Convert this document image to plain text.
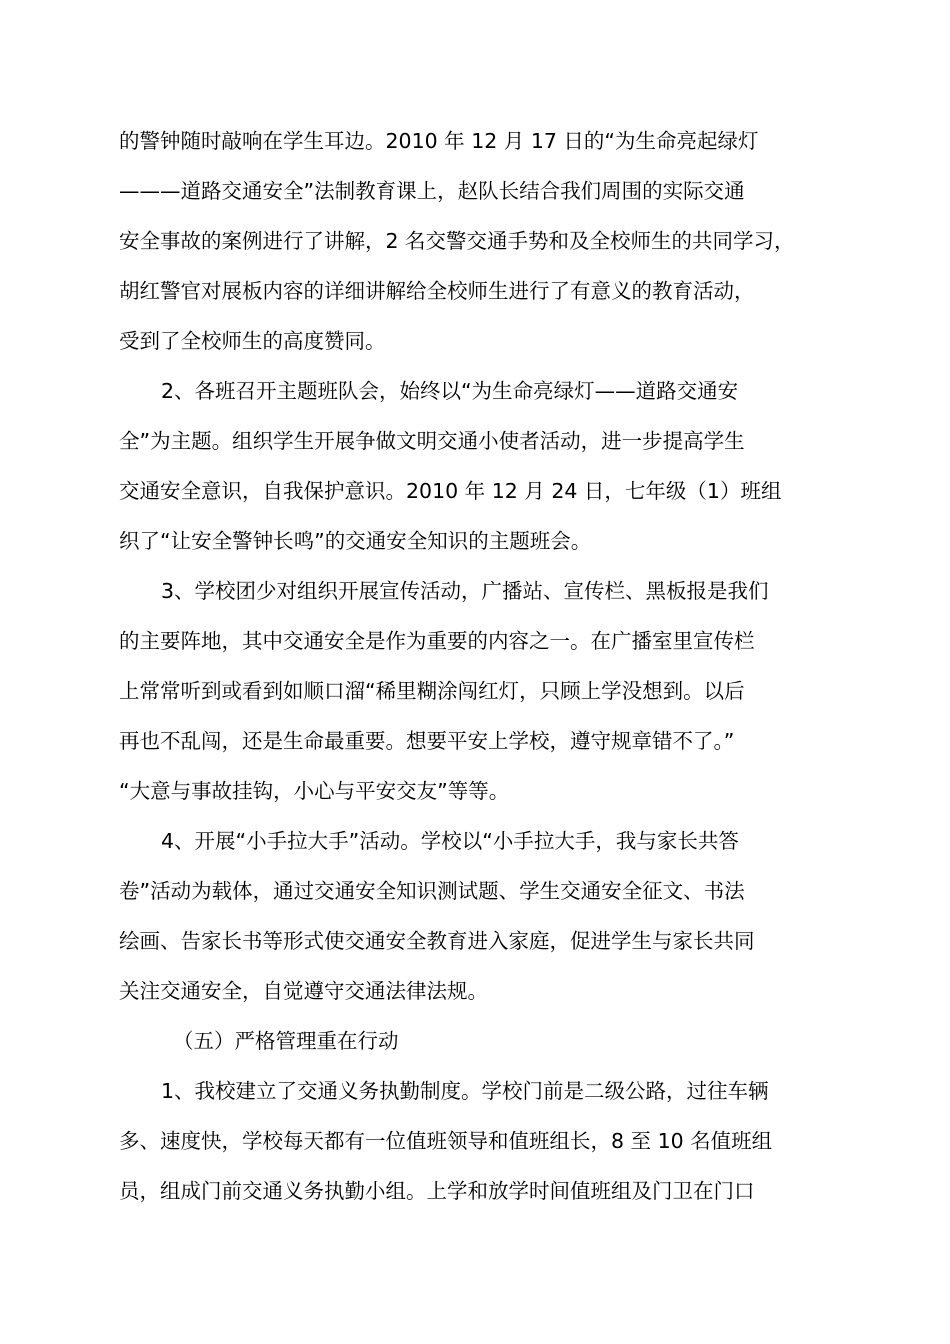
的警钟随时敲响在学生耳边。2010 年 12 月 17 日的“为生命亮起绿灯
———道路交通安全”法制教育课上，赵队长结合我们周围的实际交通
安全事故的案例进行了讲解，2 名交警交通手势和及全校师生的共同学习，
胡红警官对展板内容的详细讲解给全校师生进行了有意义的教育活动，
受到了全校师生的高度赞同。
2、各班召开主题班队会，始终以“为生命亮绿灯——道路交通安
全”为主题。组织学生开展争做文明交通小使者活动，进一步提高学生
交通安全意识，自我保护意识。2010 年 12 月 24 日，七年级（1）班组
织了“让安全警钟长鸣”的交通安全知识的主题班会。
3、学校团少对组织开展宣传活动，广播站、宣传栏、黑板报是我们
的主要阵地，其中交通安全是作为重要的内容之一。在广播室里宣传栏
上常常听到或看到如顺口溜“稀里糊涂闯红灯，只顾上学没想到。以后
再也不乱闯，还是生命最重要。想要平安上学校，遵守规章错不了。”
“大意与事故挂钩，小心与平安交友”等等。
4、开展“小手拉大手”活动。学校以“小手拉大手，我与家长共答
卷”活动为载体，通过交通安全知识测试题、学生交通安全征文、书法
绘画、告家长书等形式使交通安全教育进入家庭，促进学生与家长共同
关注交通安全，自觉遵守交通法律法规。
（五）严格管理重在行动
1、我校建立了交通义务执勤制度。学校门前是二级公路，过往车辆
多、速度快，学校每天都有一位值班领导和值班组长，8 至 10 名值班组
员，组成门前交通义务执勤小组。上学和放学时间值班组及门卫在门口
